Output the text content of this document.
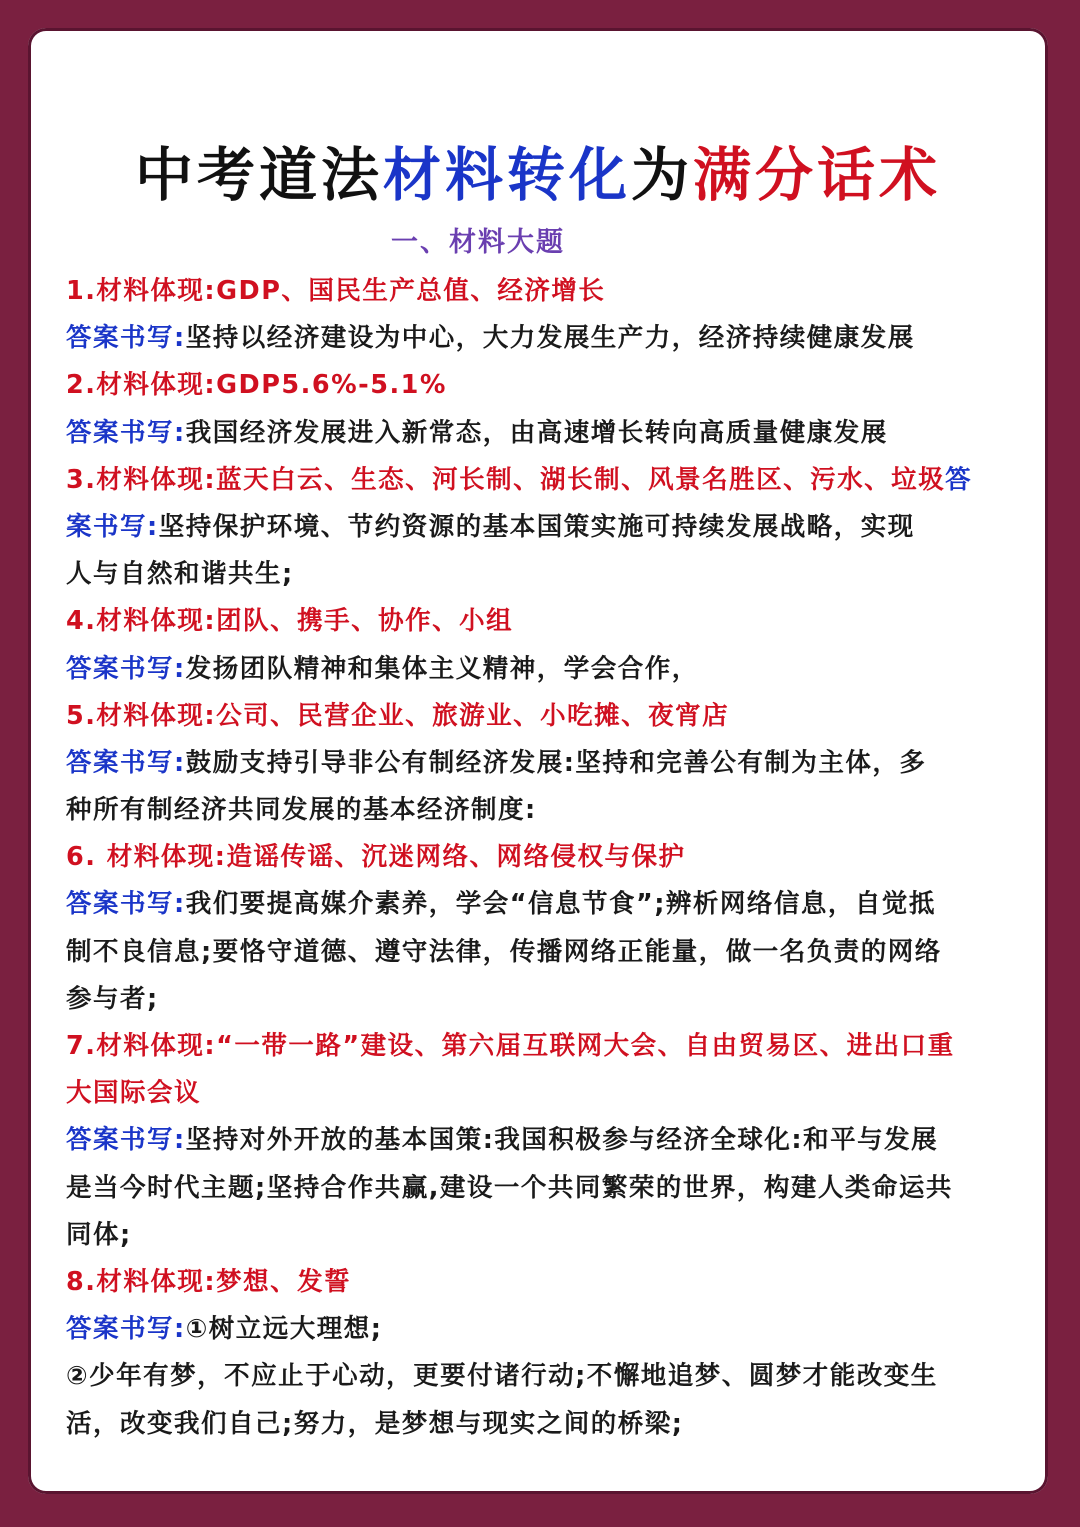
中考道法材料转化为满分话术
一、材料大题
1.材料体现:GDP、国民生产总值、经济增长
答案书写:坚持以经济建设为中心，大力发展生产力，经济持续健康发展
2.材料体现:GDP5.6%-5.1%
答案书写:我国经济发展进入新常态，由高速增长转向高质量健康发展
3.材料体现:蓝天白云、生态、河长制、湖长制、风景名胜区、污水、垃圾答
案书写:坚持保护环境、节约资源的基本国策实施可持续发展战略，实现
人与自然和谐共生;
4.材料体现:团队、携手、协作、小组
答案书写:发扬团队精神和集体主义精神，学会合作，
5.材料体现:公司、民营企业、旅游业、小吃摊、夜宵店
答案书写:鼓励支持引导非公有制经济发展:坚持和完善公有制为主体，多
种所有制经济共同发展的基本经济制度:
6. 材料体现:造谣传谣、沉迷网络、网络侵权与保护
答案书写:我们要提高媒介素养，学会“信息节食”;辨析网络信息，自觉抵
制不良信息;要恪守道德、遵守法律，传播网络正能量，做一名负责的网络
参与者;
7.材料体现:“一带一路”建设、第六届互联网大会、自由贸易区、进出口重
大国际会议
答案书写:坚持对外开放的基本国策:我国积极参与经济全球化:和平与发展
是当今时代主题;坚持合作共赢,建设一个共同繁荣的世界，构建人类命运共
同体;
8.材料体现:梦想、发誓
答案书写:①树立远大理想;
②少年有梦，不应止于心动，更要付诸行动;不懈地追梦、圆梦才能改变生
活，改变我们自己;努力，是梦想与现实之间的桥梁;
